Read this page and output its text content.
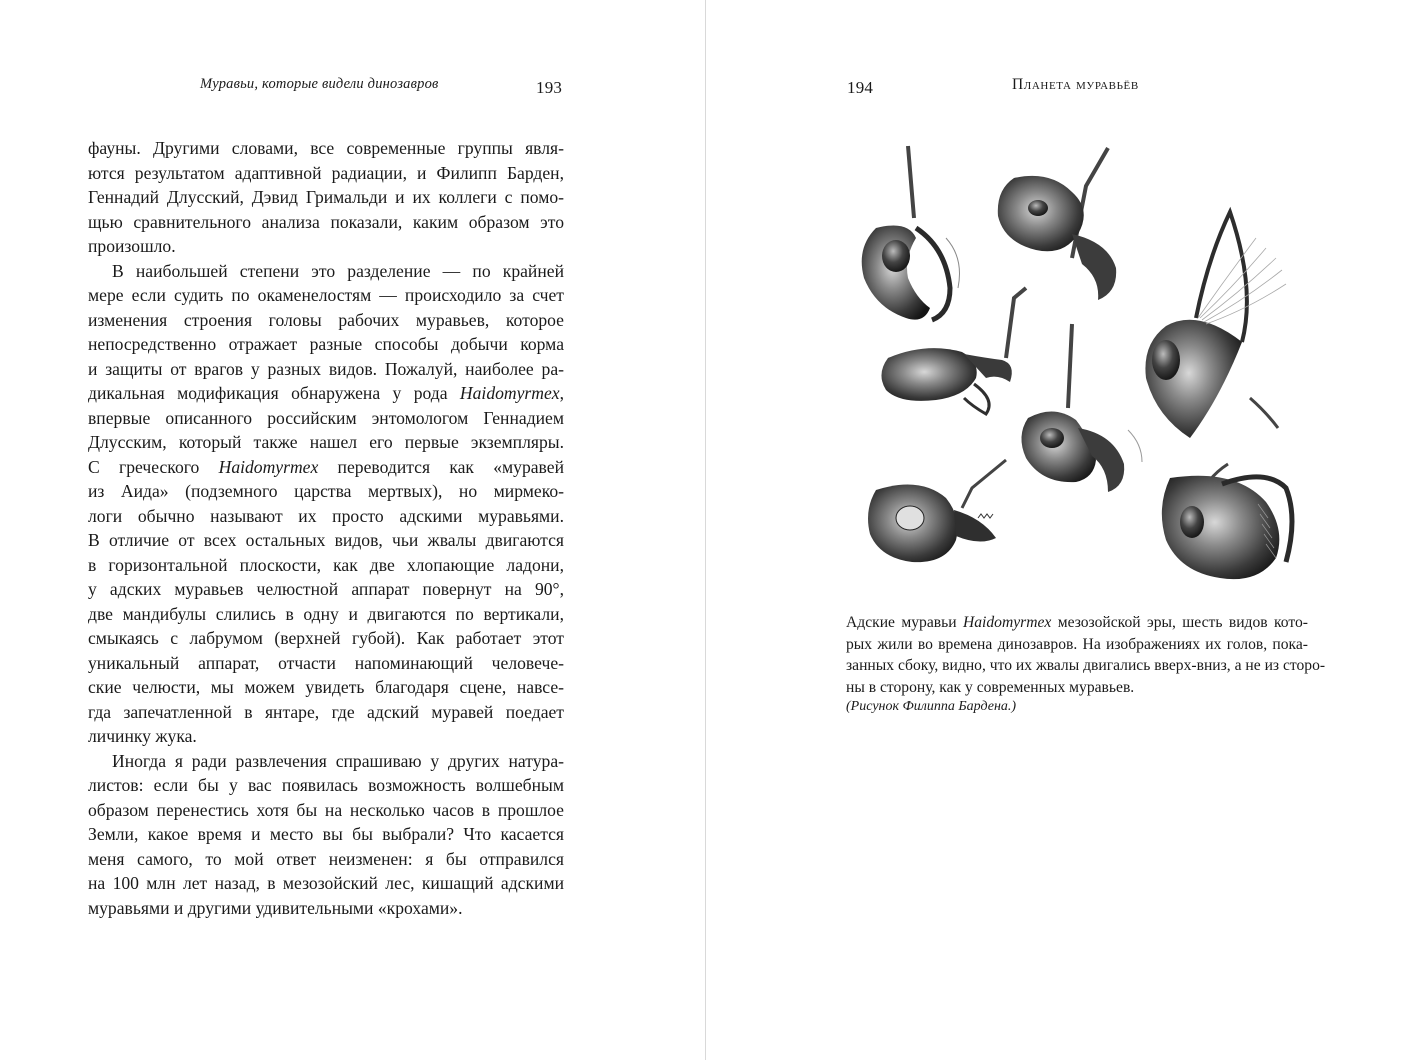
Муравьи, которые видели динозавров	193
фауны. Другими словами, все современные группы явля-
ются результатом адаптивной радиации, и Филипп Барден,
Геннадий Длусский, Дэвид Гримальди и их коллеги с помо-
щью сравнительного анализа показали, каким образом это
произошло.
В наибольшей степени это разделение — по крайней
мере если судить по окаменелостям — происходило за счет
изменения строения головы рабочих муравьев, которое
непосредственно отражает разные способы добычи корма
и защиты от врагов у разных видов. Пожалуй, наиболее ра-
дикальная модификация обнаружена у рода Haidomyrmex,
впервые описанного российским энтомологом Геннадием
Длусским, который также нашел его первые экземпляры.
С греческого Haidomyrmex переводится как «муравей
из Аида» (подземного царства мертвых), но мирмеко-
логи обычно называют их просто адскими муравьями.
В отличие от всех остальных видов, чьи жвалы двигаются
в горизонтальной плоскости, как две хлопающие ладони,
у адских муравьев челюстной аппарат повернут на 90°,
две мандибулы слились в одну и двигаются по вертикали,
смыкаясь с лабрумом (верхней губой). Как работает этот
уникальный аппарат, отчасти напоминающий человече-
ские челюсти, мы можем увидеть благодаря сцене, навсе-
гда запечатленной в янтаре, где адский муравей поедает
личинку жука.
Иногда я ради развлечения спрашиваю у других натура-
листов: если бы у вас появилась возможность волшебным
образом перенестись хотя бы на несколько часов в прошлое
Земли, какое время и место вы бы выбрали? Что касается
меня самого, то мой ответ неизменен: я бы отправился
на 100 млн лет назад, в мезозойский лес, кишащий адскими
муравьями и другими удивительными «крохами».
194	Планета муравьёв
Адские муравьи Haidomyrmex мезозойской эры, шесть видов кото-
рых жили во времена динозавров. На изображениях их голов, пока-
занных сбоку, видно, что их жвалы двигались вверх-вниз, а не из сторо-
ны в сторону, как у современных муравьев.
(Рисунок Филиппа Бардена.)
